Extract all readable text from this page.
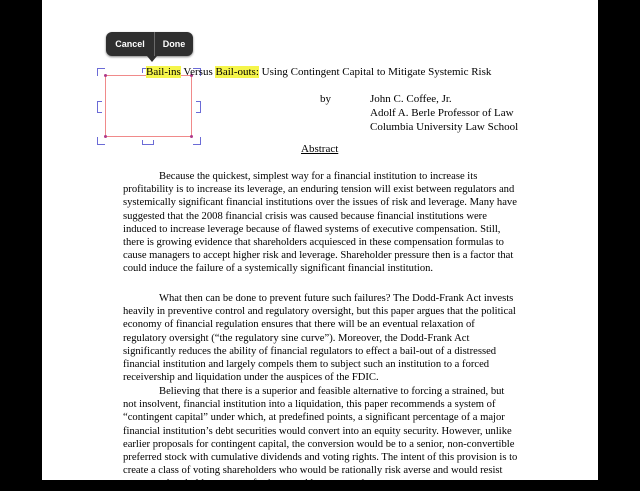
Cancel	Done
Bail-ins Versus Bail-outs: Using Contingent Capital to Mitigate Systemic Risk
by	John C. Coffee, Jr.
Adolf A. Berle Professor of Law
Columbia University Law School
Abstract

Because the quickest, simplest way for a financial institution to increase its profitability is to increase its leverage, an enduring tension will exist between regulators and systemically significant financial institutions over the issues of risk and leverage. Many have suggested that the 2008 financial crisis was caused because financial institutions were induced to increase leverage because of flawed systems of executive compensation. Still, there is growing evidence that shareholders acquiesced in these compensation formulas to cause managers to accept higher risk and leverage. Shareholder pressure then is a factor that could induce the failure of a systemically significant financial institution.

What then can be done to prevent future such failures? The Dodd-Frank Act invests heavily in preventive control and regulatory oversight, but this paper argues that the political economy of financial regulation ensures that there will be an eventual relaxation of regulatory oversight (“the regulatory sine curve”). Moreover, the Dodd-Frank Act significantly reduces the ability of financial regulators to effect a bail-out of a distressed financial institution and largely compels them to subject such an institution to a forced receivership and liquidation under the auspices of the FDIC.

Believing that there is a superior and feasible alternative to forcing a strained, but not insolvent, financial institution into a liquidation, this paper recommends a system of “contingent capital” under which, at predefined points, a significant percentage of a major financial institution’s debt securities would convert into an equity security. However, unlike earlier proposals for contingent capital, the conversion would be to a senior, non-convertible preferred stock with cumulative dividends and voting rights. The intent of this provision is to create a class of voting shareholders who would be rationally risk averse and would resist common shareholder pressure for increased leverage and
